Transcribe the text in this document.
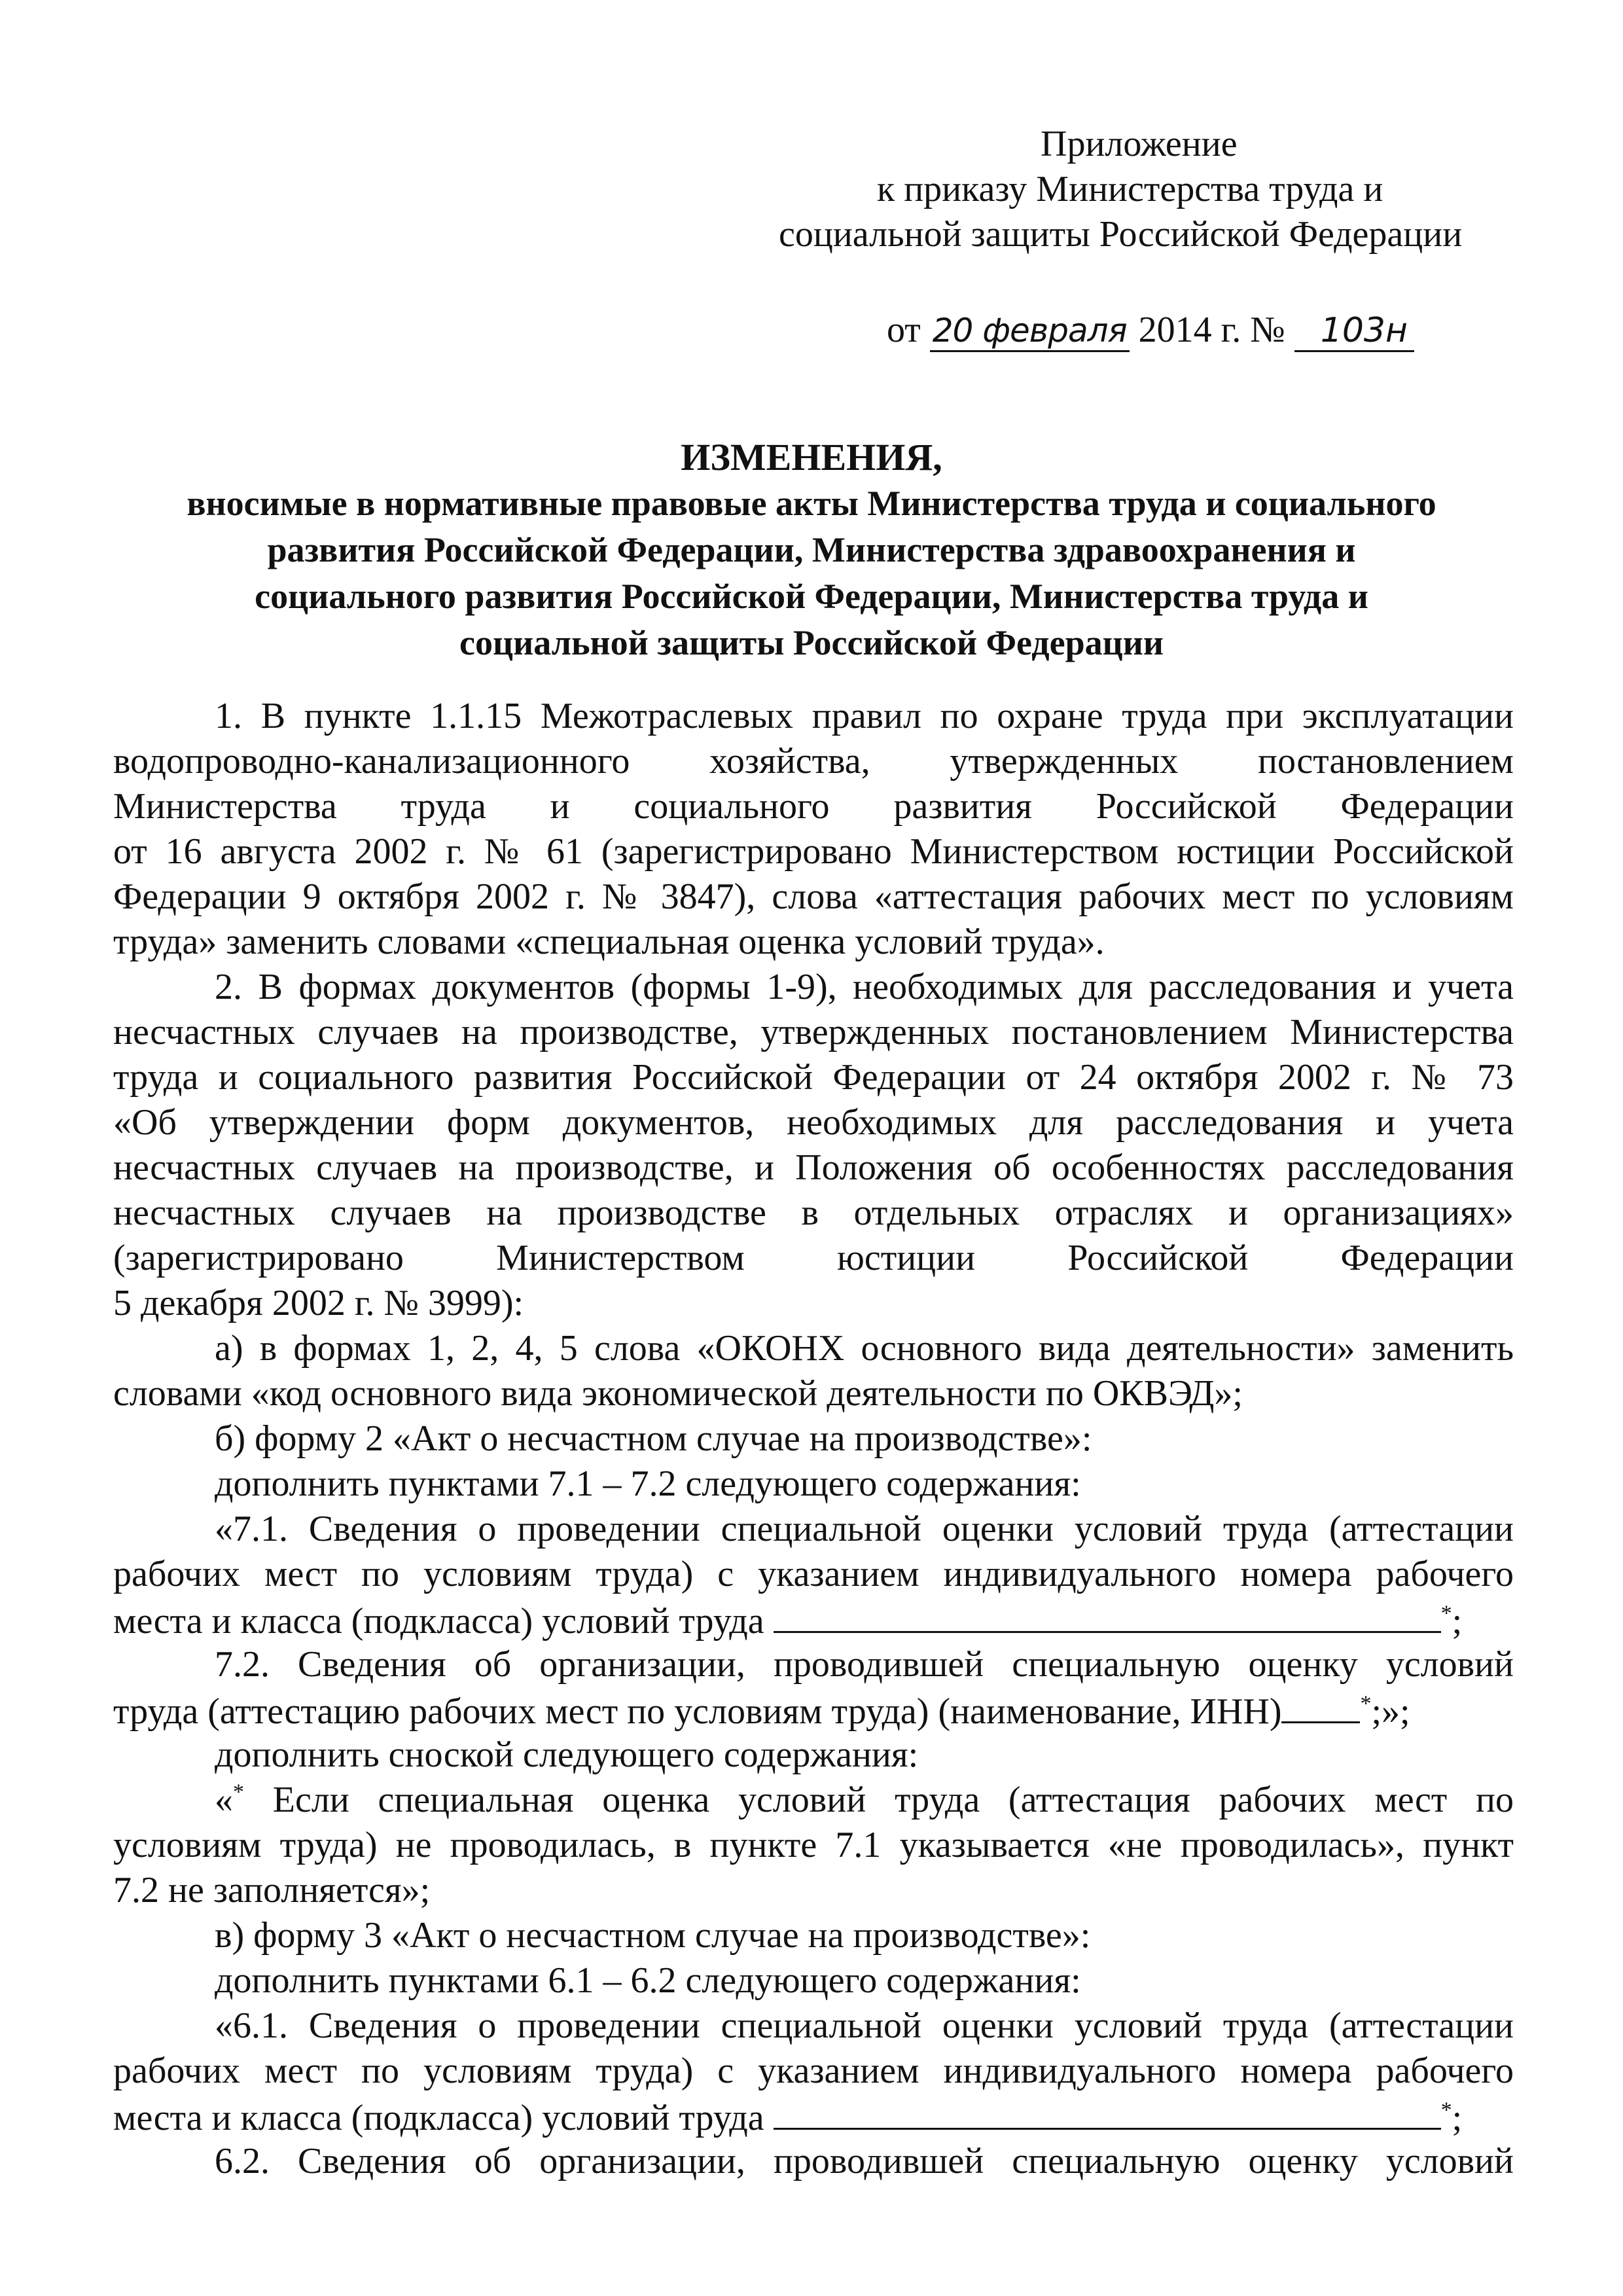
Приложение
к приказу Министерства труда и
социальной защиты Российской Федерации
от 20 февраля 2014 г. № 103н
ИЗМЕНЕНИЯ,
вносимые в нормативные правовые акты Министерства труда и социального
развития Российской Федерации, Министерства здравоохранения и
социального развития Российской Федерации, Министерства труда и
социальной защиты Российской Федерации
1. В пункте 1.1.15 Межотраслевых правил по охране труда при эксплуатации
водопроводно-канализационного хозяйства, утвержденных постановлением
Министерства труда и социального развития Российской Федерации
от 16 августа 2002 г. № 61 (зарегистрировано Министерством юстиции Российской
Федерации 9 октября 2002 г. № 3847), слова «аттестация рабочих мест по условиям
труда» заменить словами «специальная оценка условий труда».
2. В формах документов (формы 1-9), необходимых для расследования и учета
несчастных случаев на производстве, утвержденных постановлением Министерства
труда и социального развития Российской Федерации от 24 октября 2002 г. № 73
«Об утверждении форм документов, необходимых для расследования и учета
несчастных случаев на производстве, и Положения об особенностях расследования
несчастных случаев на производстве в отдельных отраслях и организациях»
(зарегистрировано Министерством юстиции Российской Федерации
5 декабря 2002 г. № 3999):
а) в формах 1, 2, 4, 5 слова «ОКОНХ основного вида деятельности» заменить
словами «код основного вида экономической деятельности по ОКВЭД»;
б) форму 2 «Акт о несчастном случае на производстве»:
дополнить пунктами 7.1 – 7.2 следующего содержания:
«7.1. Сведения о проведении специальной оценки условий труда (аттестации
рабочих мест по условиям труда) с указанием индивидуального номера рабочего
места и класса (подкласса) условий труда	*;
7.2. Сведения об организации, проводившей специальную оценку условий
труда (аттестацию рабочих мест по условиям труда) (наименование, ИНН)	*;»;
дополнить сноской следующего содержания:
«* Если специальная оценка условий труда (аттестация рабочих мест по
условиям труда) не проводилась, в пункте 7.1 указывается «не проводилась», пункт
7.2 не заполняется»;
в) форму 3 «Акт о несчастном случае на производстве»:
дополнить пунктами 6.1 – 6.2 следующего содержания:
«6.1. Сведения о проведении специальной оценки условий труда (аттестации
рабочих мест по условиям труда) с указанием индивидуального номера рабочего
места и класса (подкласса) условий труда	*;
6.2. Сведения об организации, проводившей специальную оценку условий
